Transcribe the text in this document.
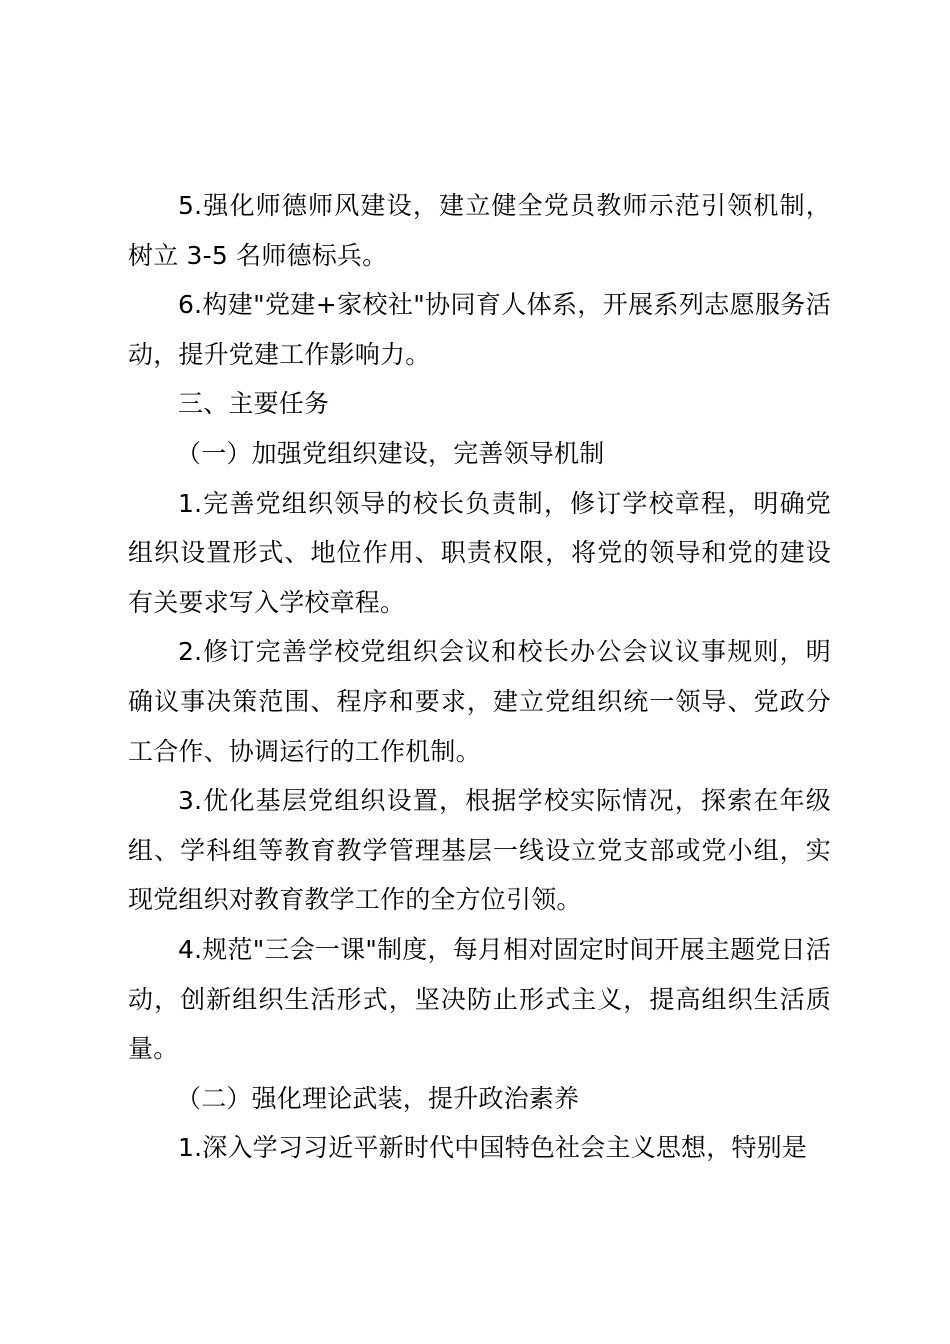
5.强化师德师风建设，建立健全党员教师示范引领机制，树立 3-5 名师德标兵。

6.构建"党建+家校社"协同育人体系，开展系列志愿服务活动，提升党建工作影响力。

三、主要任务

（一）加强党组织建设，完善领导机制

1.完善党组织领导的校长负责制，修订学校章程，明确党组织设置形式、地位作用、职责权限，将党的领导和党的建设有关要求写入学校章程。

2.修订完善学校党组织会议和校长办公会议议事规则，明确议事决策范围、程序和要求，建立党组织统一领导、党政分工合作、协调运行的工作机制。

3.优化基层党组织设置，根据学校实际情况，探索在年级组、学科组等教育教学管理基层一线设立党支部或党小组，实现党组织对教育教学工作的全方位引领。

4.规范"三会一课"制度，每月相对固定时间开展主题党日活动，创新组织生活形式，坚决防止形式主义，提高组织生活质量。

（二）强化理论武装，提升政治素养

1.深入学习习近平新时代中国特色社会主义思想，特别是
